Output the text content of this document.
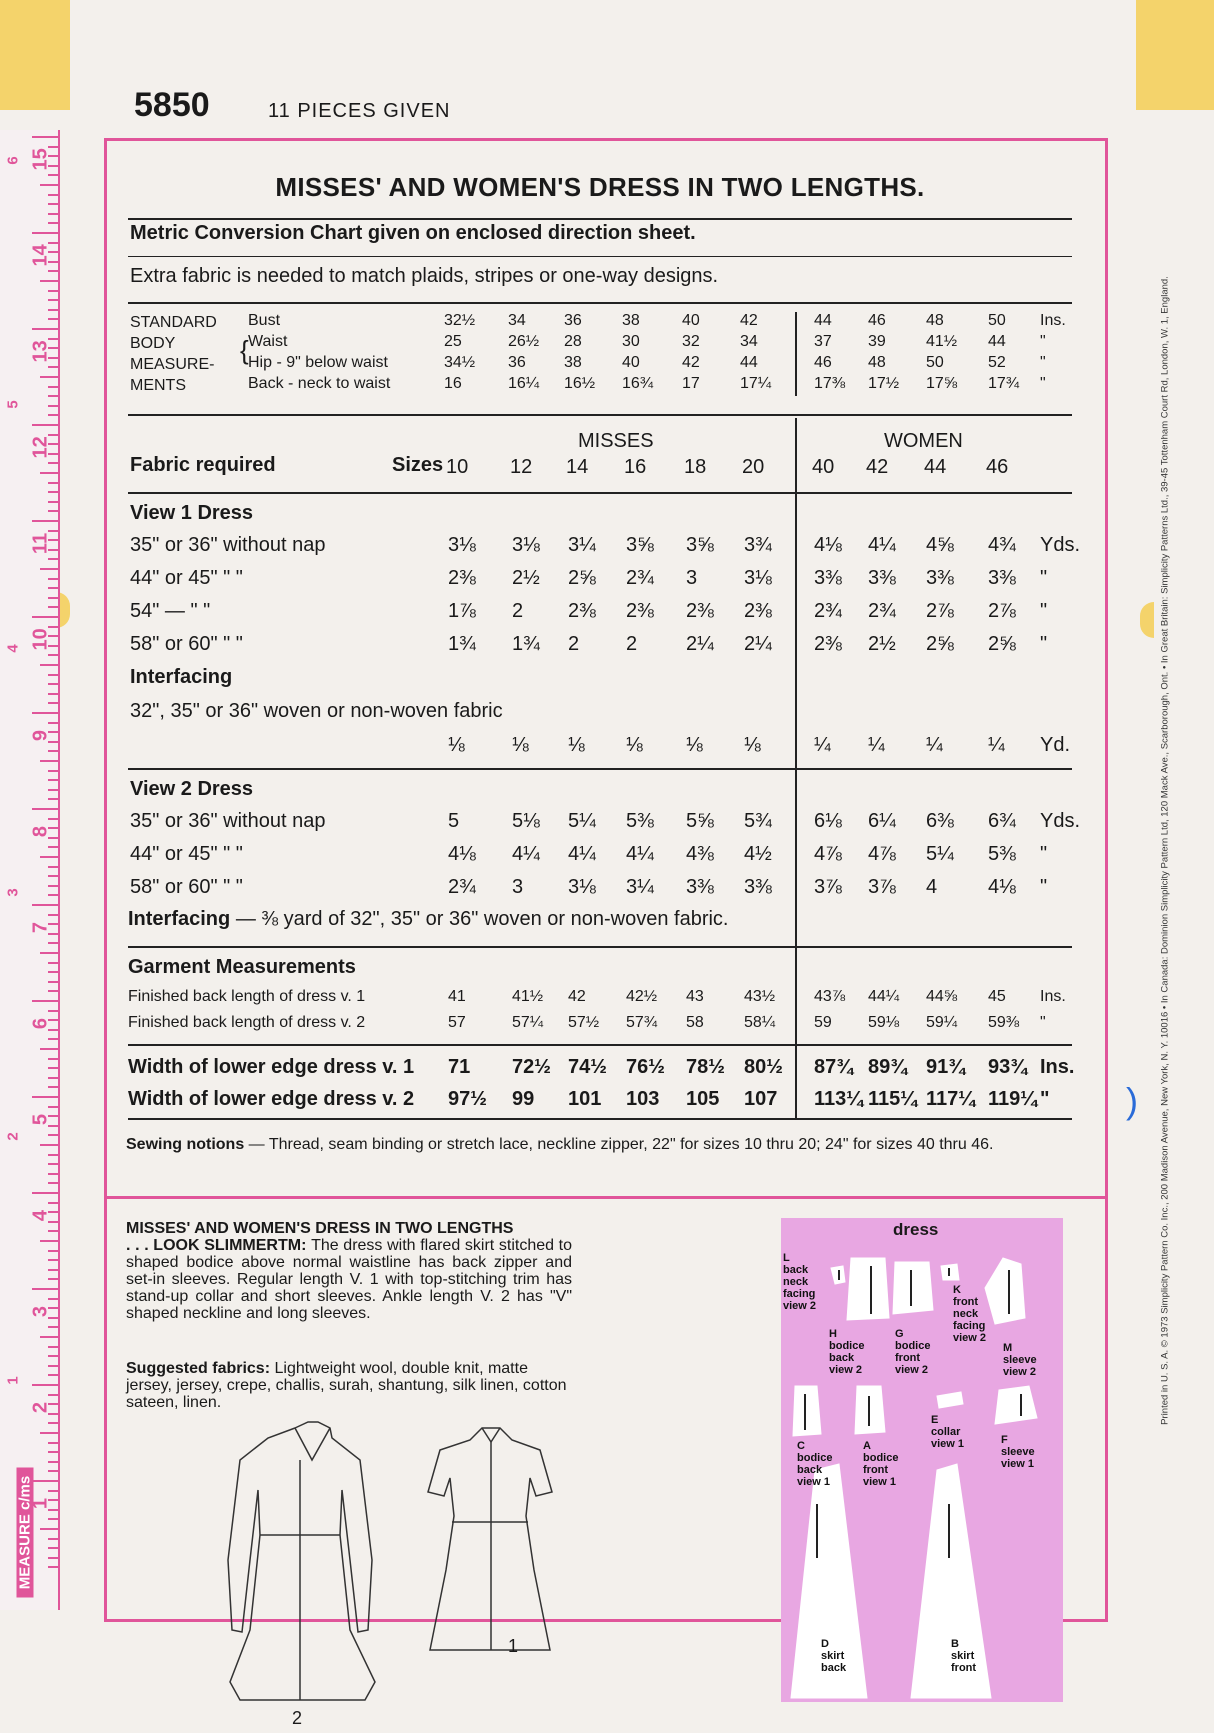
)
MEASURE c/ms
15
14
13
12
11
10
9
8
7
6
5
4
3
2
1
6
5
4
3
2
1	Printed in U. S. A. © 1973 Simplicity Pattern Co. Inc., 200 Madison Avenue, New York, N. Y. 10016 • In Canada: Dominion Simplicity Pattern Ltd, 120 Mack Ave., Scarborough, Ont. • In Great Britain: Simplicity Patterns Ltd., 39-45 Tottenham Court Rd, London, W. 1, England.
5850	11 PIECES GIVEN
MISSES' AND WOMEN'S DRESS IN TWO LENGTHS.
Metric Conversion Chart given on enclosed direction sheet.
Extra fabric is needed to match plaids, stripes or one-way designs.
STANDARD
BODY
MEASURE-
MENTS
{
Bust	32½ 34 36	38	40	42	44 46	48	50 Ins.
Waist	25	26½ 28	30	32	34	37 39	41½ 44 "
Hip - 9" below waist	34½ 36 38	40	42	44	46 48	50	52 "
Back - neck to waist	16	16¼ 16½ 16¾ 17	17¼	17⅜ 17½ 17⅝ 17¾ "
Fabric required	Sizes
MISSES	WOMEN
10 12 14 16 18 20 40 42 44 46
View 1 Dress
35" or 36" without nap	3⅛ 3⅛ 3¼ 3⅝ 3⅝ 3¾ 4⅛ 4¼ 4⅝ 4¾ Yds.
44" or 45" " "	2⅜ 2½ 2⅝ 2¾ 3 3⅛ 3⅜ 3⅜ 3⅜ 3⅜ "
54" — " "	1⅞ 2 2⅜ 2⅜ 2⅜ 2⅜ 2¾ 2¾ 2⅞ 2⅞ "
58" or 60" " "	1¾ 1¾ 2 2 2¼ 2¼ 2⅜ 2½ 2⅝ 2⅝ "
Interfacing
32", 35" or 36" woven or non-woven fabric
⅛ ⅛ ⅛ ⅛ ⅛ ⅛	¼ ¼ ¼ ¼ Yd.
View 2 Dress
35" or 36" without nap	5	5⅛ 5¼ 5⅜ 5⅝ 5¾ 6⅛ 6¼ 6⅜ 6¾ Yds.
44" or 45" " "	4⅛ 4¼ 4¼ 4¼ 4⅜ 4½ 4⅞ 4⅞ 5¼ 5⅜ "
58" or 60" " "	2¾ 3 3⅛ 3¼ 3⅜ 3⅜ 3⅞ 3⅞ 4	4⅛ "
Interfacing — ⅜ yard of 32", 35" or 36" woven or non-woven fabric.
Garment Measurements
Finished back length of dress v. 1	41	41½ 42	42½ 43	43½ 43⅞ 44¼ 44⅝ 45 Ins.
Finished back length of dress v. 2	57	57¼ 57½ 57¾ 58	58¼ 59 59⅛ 59¼ 59⅜ "
Width of lower edge dress v. 1 71 72½ 74½ 76½ 78½ 80½ 87¾ 89¾ 91¾ 93¾ Ins.
Width of lower edge dress v. 2 97½ 99 101 103 105 107 113¼ 115¼ 117¼ 119¼ "
Sewing notions — Thread, seam binding or stretch lace, neckline zipper, 22" for sizes 10 thru 20; 24" for sizes 40 thru 46.
MISSES' AND WOMEN'S DRESS IN TWO LENGTHS
. . . LOOK SLIMMERTM: The dress with flared skirt stitched to shaped bodice above normal waistline has back zipper and set-in sleeves. Regular length V. 1 with top-stitching trim has stand-up collar and short sleeves. Ankle length V. 2 has "V" shaped neckline and long sleeves.
Suggested fabrics: Lightweight wool, double knit, matte jersey, jersey, crepe, challis, surah, shantung, silk linen, cotton sateen, linen.
2
1
dress
L
back neck facing view 2
H
bodice back view 2
G
bodice front view 2
K
front neck facing view 2
M
sleeve view 2
C
bodice back view 1
A
bodice front view 1
E
collar view 1	F
sleeve view 1
D
skirt back
B
skirt front
